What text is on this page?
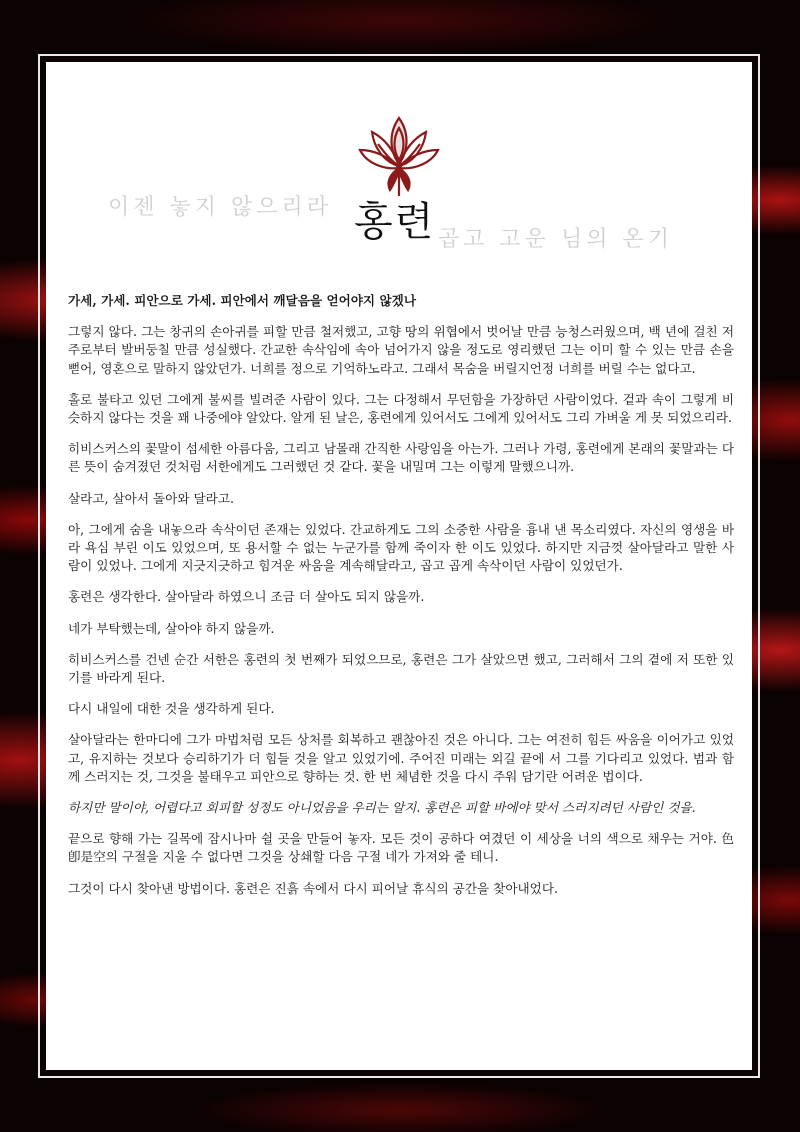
이젠 놓지 않으리라 홍련 곱고 고운 님의 온기

가세, 가세. 피안으로 가세. 피안에서 깨달음을 얻어야지 않겠나

그렇지 않다. 그는 창귀의 손아귀를 피할 만큼 철저했고, 고향 땅의 위협에서 벗어날 만큼 능청스러웠으며, 백 년에 걸친 저주로부터 발버둥칠 만큼 성실했다. 간교한 속삭임에 속아 넘어가지 않을 정도로 영리했던 그는 이미 할 수 있는 만큼 손을 뻗어, 영혼으로 말하지 않았던가. 너희를 정으로 기억하노라고. 그래서 목숨을 버릴지언정 너희를 버릴 수는 없다고.

홀로 불타고 있던 그에게 불씨를 빌려준 사람이 있다. 그는 다정해서 무던함을 가장하던 사람이었다. 겉과 속이 그렇게 비슷하지 않다는 것을 꽤 나중에야 알았다. 알게 된 날은, 홍련에게 있어서도 그에게 있어서도 그리 가벼울 게 못 되었으리라.

히비스커스의 꽃말이 섬세한 아름다움, 그리고 남몰래 간직한 사랑임을 아는가. 그러나 가령, 홍련에게 본래의 꽃말과는 다른 뜻이 숨겨졌던 것처럼 서한에게도 그러했던 것 같다. 꽃을 내밀며 그는 이렇게 말했으니까.

살라고, 살아서 돌아와 달라고.

아, 그에게 숨을 내놓으라 속삭이던 존재는 있었다. 간교하게도 그의 소중한 사람을 흉내 낸 목소리였다. 자신의 영생을 바라 욕심 부린 이도 있었으며, 또 용서할 수 없는 누군가를 함께 죽이자 한 이도 있었다. 하지만 지금껏 살아달라고 말한 사람이 있었나. 그에게 지긋지긋하고 힘겨운 싸움을 계속해달라고, 곱고 곱게 속삭이던 사람이 있었던가.

홍련은 생각한다. 살아달라 하였으니 조금 더 살아도 되지 않을까.

네가 부탁했는데, 살아야 하지 않을까.

히비스커스를 건넨 순간 서한은 홍련의 첫 번째가 되었으므로, 홍련은 그가 살았으면 했고, 그러해서 그의 곁에 저 또한 있기를 바라게 된다.

다시 내일에 대한 것을 생각하게 된다.

살아달라는 한마디에 그가 마법처럼 모든 상처를 회복하고 괜찮아진 것은 아니다. 그는 여전히 힘든 싸움을 이어가고 있었고, 유지하는 것보다 승리하기가 더 힘들 것을 알고 있었기에. 주어진 미래는 외길 끝에 서 그를 기다리고 있었다. 범과 함께 스러지는 것, 그것을 불태우고 피안으로 향하는 것. 한 번 체념한 것을 다시 주워 담기란 어려운 법이다.

하지만 말이야, 어렵다고 회피할 성정도 아니었음을 우리는 알지. 홍련은 피할 바에야 맞서 스러지려던 사람인 것을.

끝으로 향해 가는 길목에 잠시나마 쉴 곳을 만들어 놓자. 모든 것이 공하다 여겼던 이 세상을 너의 색으로 채우는 거야. 色卽是空의 구절을 지울 수 없다면 그것을 상쇄할 다음 구절 네가 가져와 줄 테니.

그것이 다시 찾아낸 방법이다. 홍련은 진흙 속에서 다시 피어날 휴식의 공간을 찾아내었다.
